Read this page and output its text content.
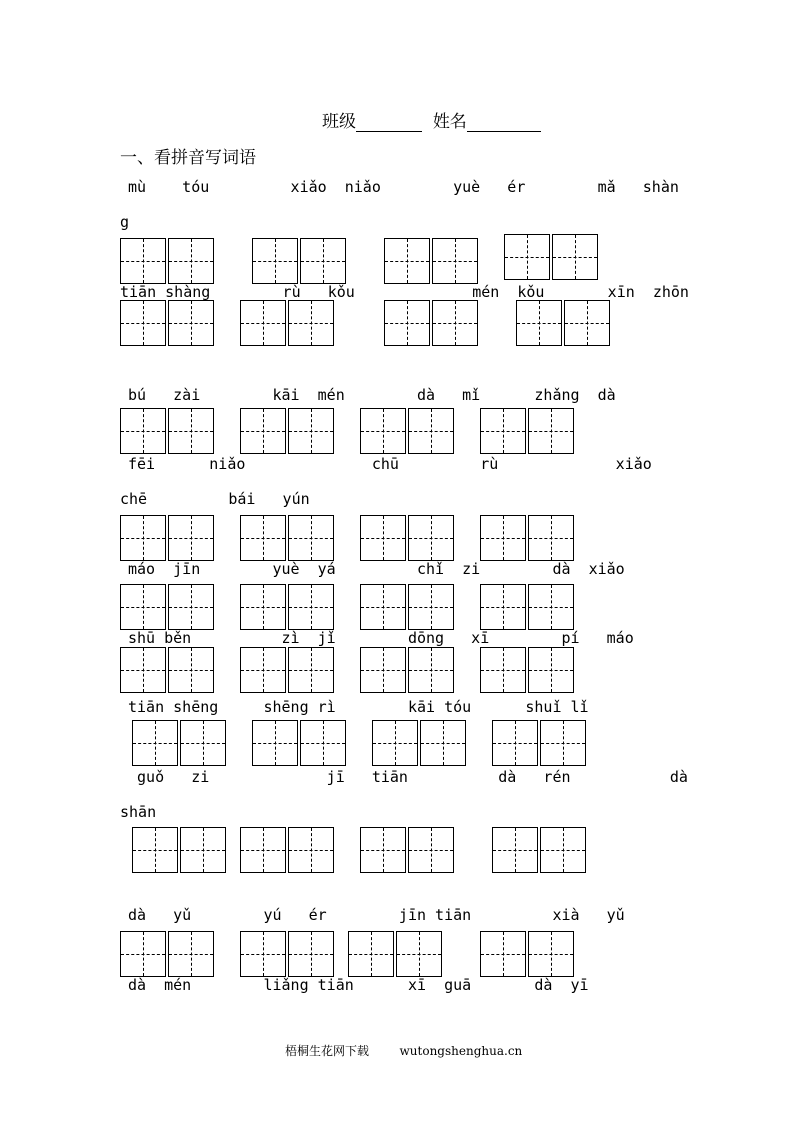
班级	姓名
一、看拼音写词语
mù    tóu         xiǎo  niǎo        yuè   ér        mǎ   shàn
g
tiān shàng        rù   kǒu             mén  kǒu       xīn  zhōn
bú   zài        kāi  mén        dà   mǐ      zhǎng  dà
fēi      niǎo              chū         rù             xiǎo
chē         bái   yún
máo  jīn        yuè  yá         chǐ  zi        dà  xiǎo
shū běn          zì  jǐ        dōng   xī        pí   máo
tiān shēng     shēng rì        kāi tóu      shuǐ lǐ
guǒ   zi             jī   tiān          dà   rén           dà
shān
dà   yǔ        yú   ér        jīn tiān         xià   yǔ
dà  mén        liǎng tiān      xī  guā       dà  yī
梧桐生花网下载	wutongshenghua.cn
